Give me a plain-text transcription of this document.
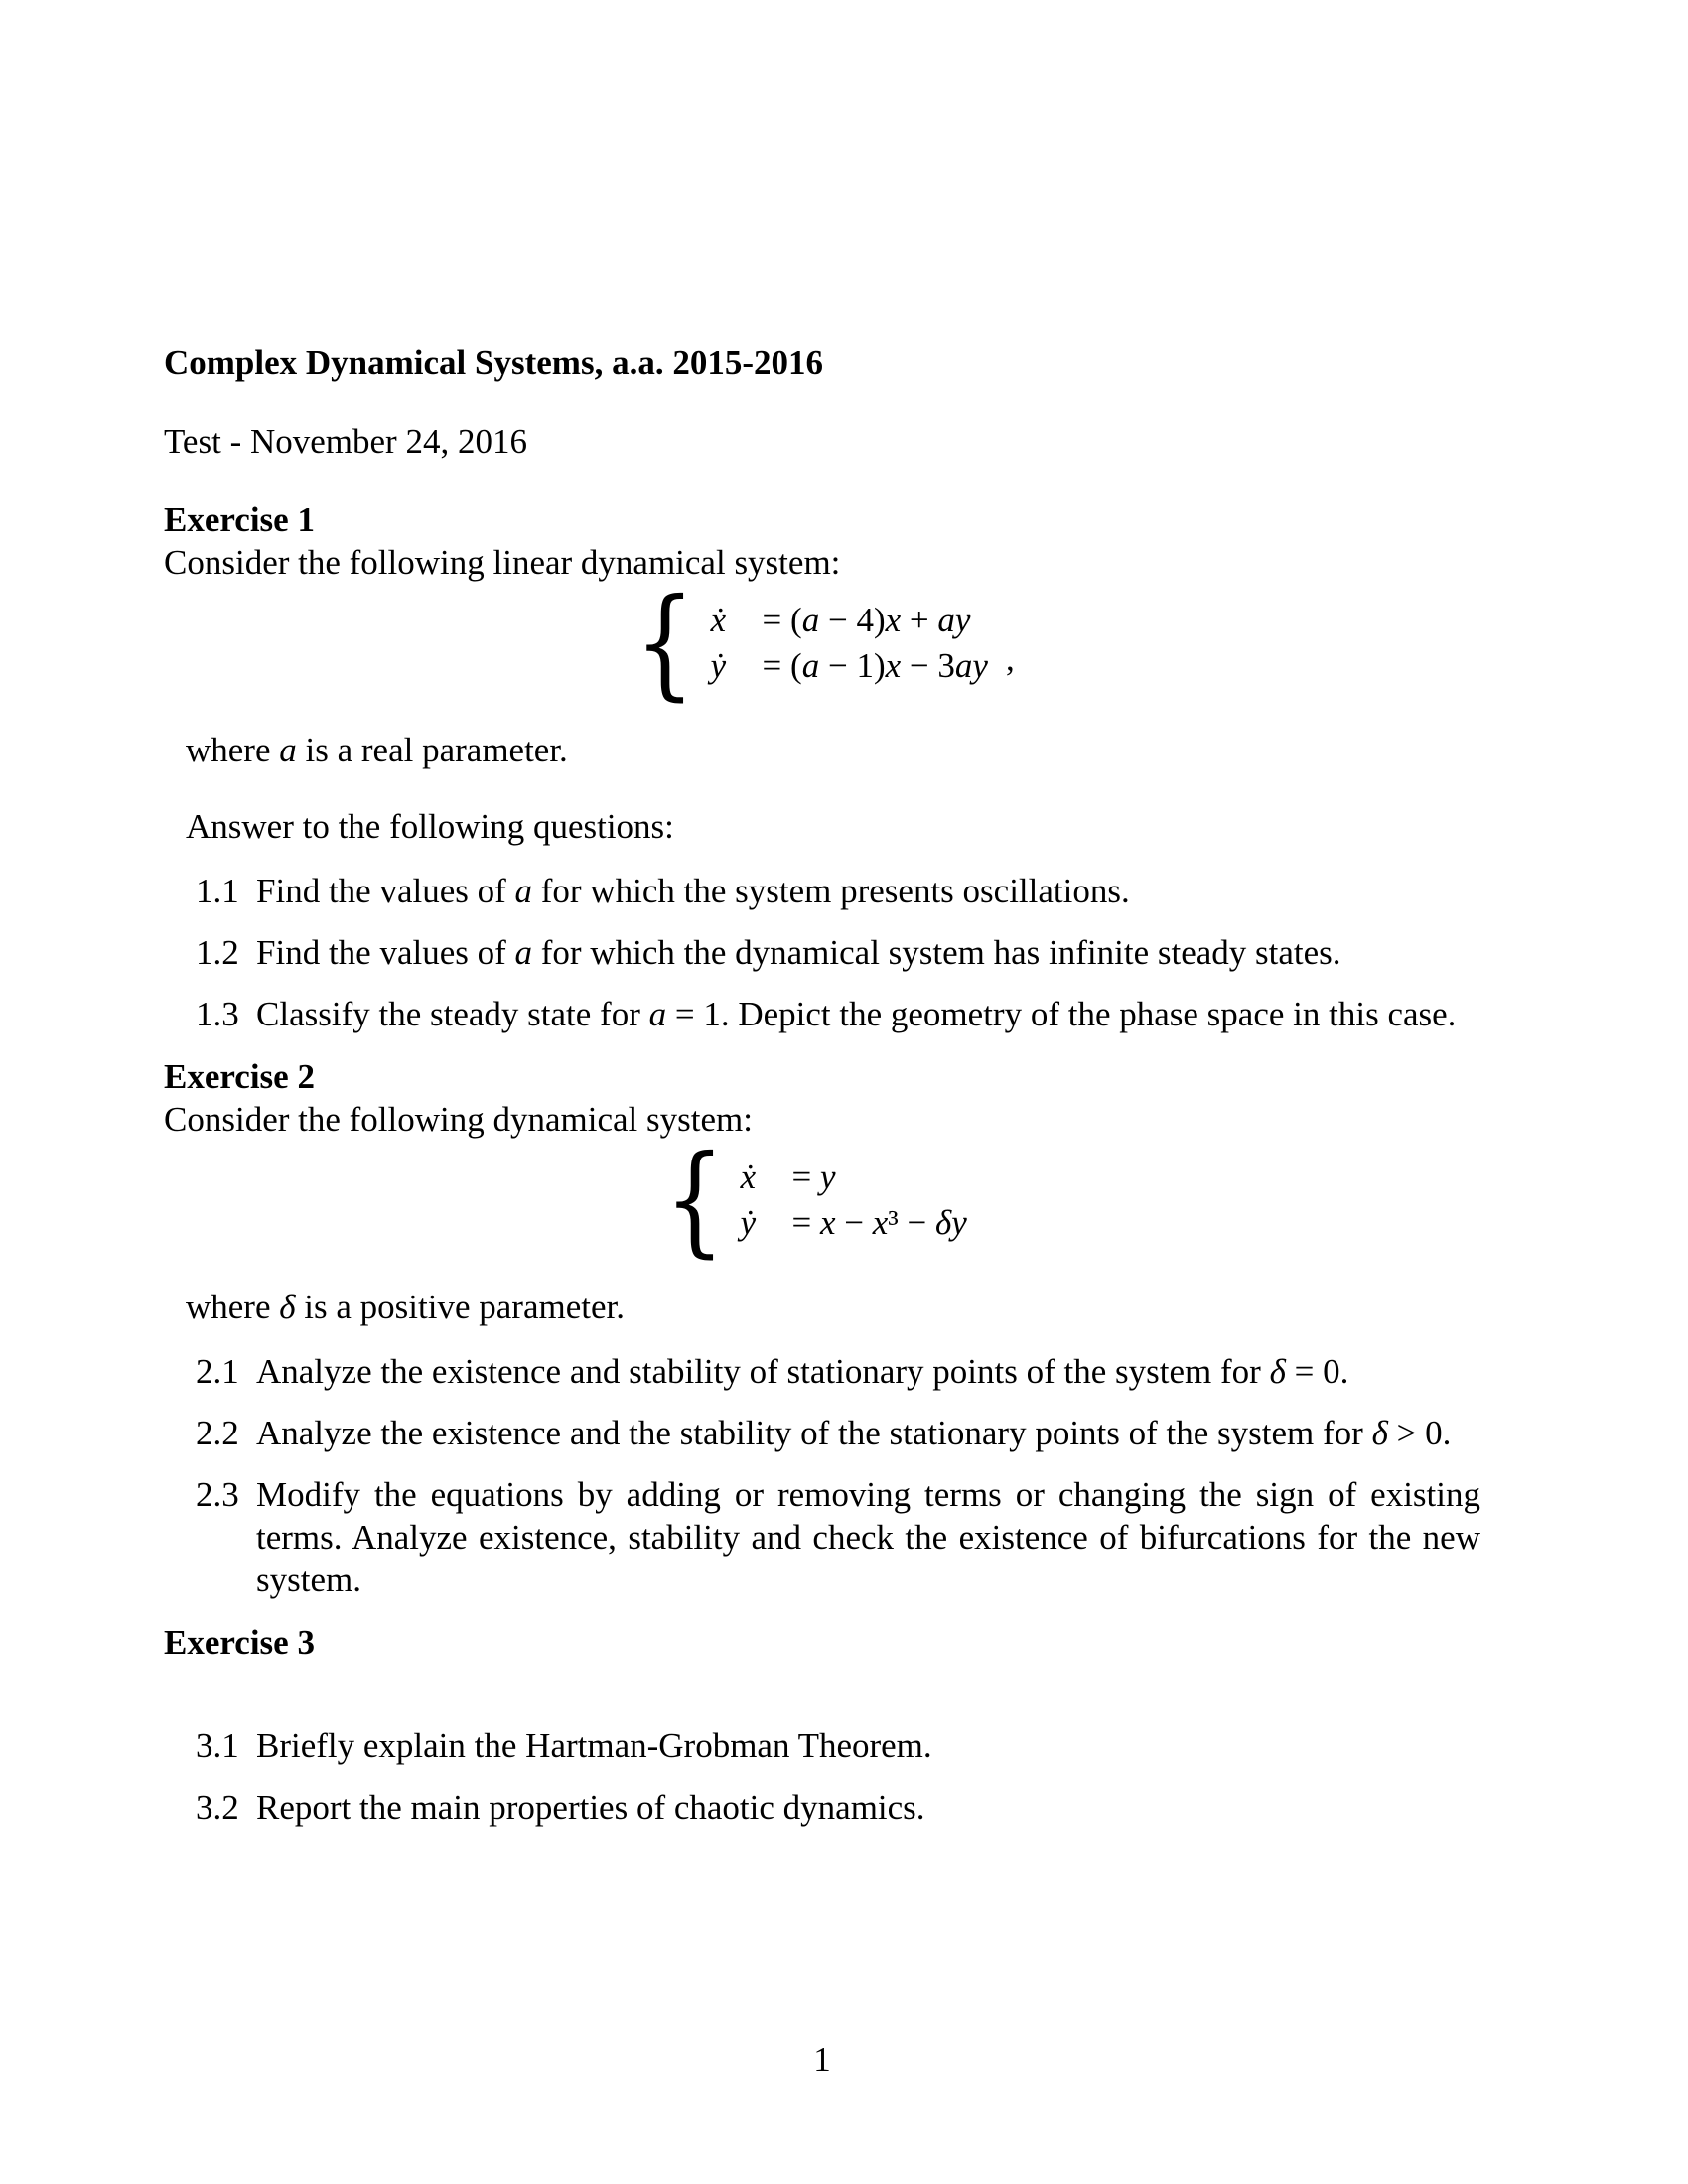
Complex Dynamical Systems, a.a. 2015-2016
Test - November 24, 2016
Exercise 1
Consider the following linear dynamical system:
{ ẋ	= (a − 4)x + ay
ẏ	= (a − 1)x − 3ay ,
where a is a real parameter.
Answer to the following questions:
1.1 Find the values of a for which the system presents oscillations.
1.2 Find the values of a for which the dynamical system has infinite steady states.
1.3 Classify the steady state for a = 1. Depict the geometry of the phase space in this case.
Exercise 2
Consider the following dynamical system:
{ ẋ	= y
ẏ	= x − x³ − δy
where δ is a positive parameter.
2.1 Analyze the existence and stability of stationary points of the system for δ = 0.
2.2 Analyze the existence and the stability of the stationary points of the system for δ > 0.
2.3 Modify the equations by adding or removing terms or changing the sign of existing terms. Analyze existence, stability and check the existence of bifurcations for the new system.
Exercise 3
3.1 Briefly explain the Hartman-Grobman Theorem.
3.2 Report the main properties of chaotic dynamics.
1
